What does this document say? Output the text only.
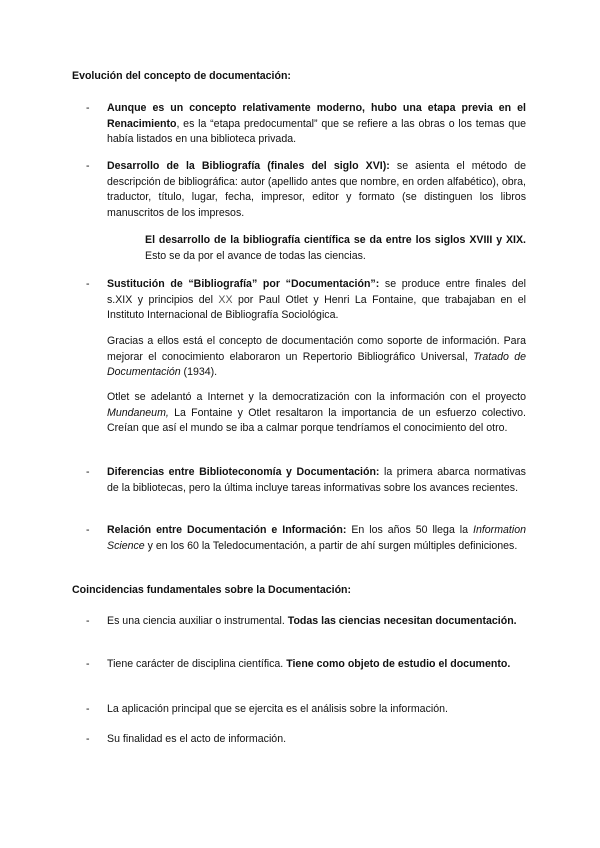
Evolución del concepto de documentación:
-	Aunque es un concepto relativamente moderno, hubo una etapa previa en el Renacimiento, es la “etapa predocumental” que se refiere a las obras o los temas que había listados en una biblioteca privada.
-	Desarrollo de la Bibliografía (finales del siglo XVI): se asienta el método de descripción de bibliográfica: autor (apellido antes que nombre, en orden alfabético), obra, traductor, título, lugar, fecha, impresor, editor y formato (se distinguen los libros manuscritos de los impresos.
El desarrollo de la bibliografía científica se da entre los siglos XVIII y XIX. Esto se da por el avance de todas las ciencias.
-	Sustitución de “Bibliografía” por “Documentación”: se produce entre finales del s.XIX y principios del XX por Paul Otlet y Henri La Fontaine, que trabajaban en el Instituto Internacional de Bibliografía Sociológica.
Gracias a ellos está el concepto de documentación como soporte de información. Para mejorar el conocimiento elaboraron un Repertorio Bibliográfico Universal, Tratado de Documentación (1934).
Otlet se adelantó a Internet y la democratización con la información con el proyecto Mundaneum, La Fontaine y Otlet resaltaron la importancia de un esfuerzo colectivo. Creían que así el mundo se iba a calmar porque tendríamos el conocimiento del otro.
-	Diferencias entre Biblioteconomía y Documentación: la primera abarca normativas de la bibliotecas, pero la última incluye tareas informativas sobre los avances recientes.
-	Relación entre Documentación e Información: En los años 50 llega la Information Science y en los 60 la Teledocumentación, a partir de ahí surgen múltiples definiciones.
Coincidencias fundamentales sobre la Documentación:
-	Es una ciencia auxiliar o instrumental. Todas las ciencias necesitan documentación.
-	Tiene carácter de disciplina científica. Tiene como objeto de estudio el documento.
-	La aplicación principal que se ejercita es el análisis sobre la información.
-	Su finalidad es el acto de información.
